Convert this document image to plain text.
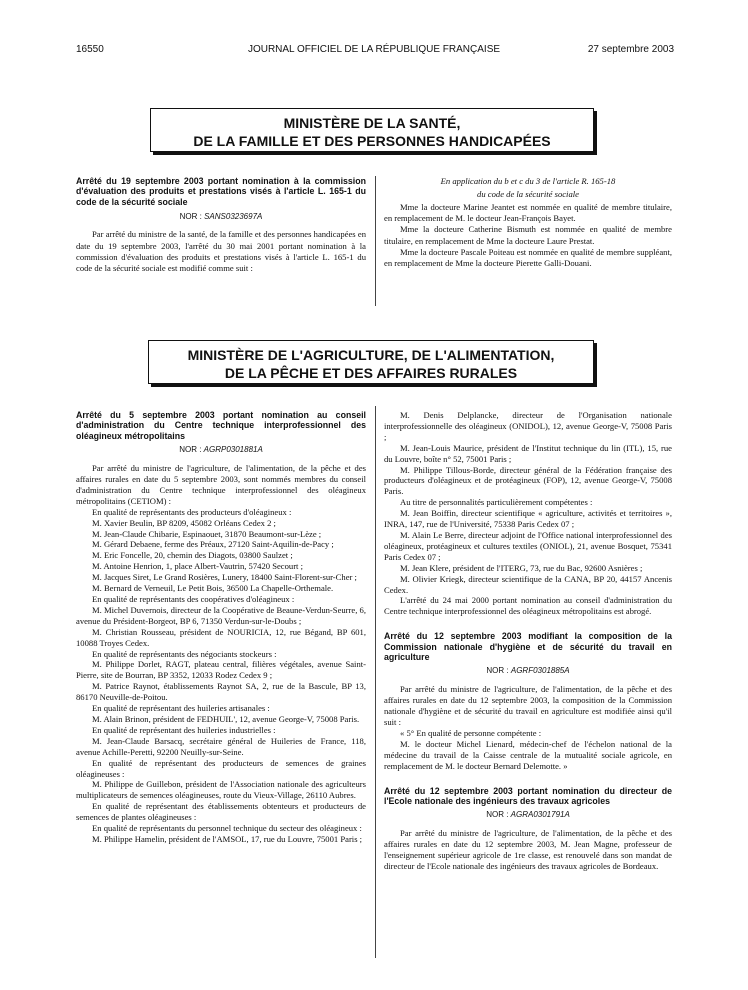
16550	JOURNAL OFFICIEL DE LA RÉPUBLIQUE FRANÇAISE	27 septembre 2003
MINISTÈRE DE LA SANTÉ,
DE LA FAMILLE ET DES PERSONNES HANDICAPÉES
Arrêté du 19 septembre 2003 portant nomination à la commission d'évaluation des produits et prestations visés à l'article L. 165-1 du code de la sécurité sociale
NOR : SANS0323697A

Par arrêté du ministre de la santé, de la famille et des personnes handicapées en date du 19 septembre 2003, l'arrêté du 30 mai 2001 portant nomination à la commission d'évaluation des produits et prestations visés à l'article L. 165-1 du code de la sécurité sociale est modifié comme suit :

En application du b et c du 3 de l'article R. 165-18
du code de la sécurité sociale

Mme la docteure Marine Jeantet est nommée en qualité de membre titulaire, en remplacement de M. le docteur Jean-François Bayet.

Mme la docteure Catherine Bismuth est nommée en qualité de membre titulaire, en remplacement de Mme la docteure Laure Prestat.

Mme la docteure Pascale Poiteau est nommée en qualité de membre suppléant, en remplacement de Mme la docteure Pierette Galli-Douani.

MINISTÈRE DE L'AGRICULTURE, DE L'ALIMENTATION,
DE LA PÊCHE ET DES AFFAIRES RURALES
Arrêté du 5 septembre 2003 portant nomination au conseil d'administration du Centre technique interprofessionnel des oléagineux métropolitains
NOR : AGRP0301881A

Par arrêté du ministre de l'agriculture, de l'alimentation, de la pêche et des affaires rurales en date du 5 septembre 2003, sont nommés membres du conseil d'administration du Centre technique interprofessionnel des oléagineux métropolitains (CETIOM) :

En qualité de représentants des producteurs d'oléagineux :

M. Xavier Beulin, BP 8209, 45082 Orléans Cedex 2 ;

M. Jean-Claude Chibarie, Espinaouet, 31870 Beaumont-sur-Lèze ;

M. Gérard Debaene, ferme des Préaux, 27120 Saint-Aquilin-de-Pacy ;

M. Eric Foncelle, 20, chemin des Diagots, 03800 Saulzet ;

M. Antoine Henrion, 1, place Albert-Vautrin, 57420 Secourt ;

M. Jacques Siret, Le Grand Rosières, Lunery, 18400 Saint-Florent-sur-Cher ;

M. Bernard de Verneuil, Le Petit Bois, 36500 La Chapelle-Orthemale.

En qualité de représentants des coopératives d'oléagineux :

M. Michel Duvernois, directeur de la Coopérative de Beaune-Verdun-Seurre, 6, avenue du Président-Borgeot, BP 6, 71350 Verdun-sur-le-Doubs ;

M. Christian Rousseau, président de NOURICIA, 12, rue Bégand, BP 601, 10088 Troyes Cedex.

En qualité de représentants des négociants stockeurs :

M. Philippe Dorlet, RAGT, plateau central, filières végétales, avenue Saint-Pierre, site de Bourran, BP 3352, 12033 Rodez Cedex 9 ;

M. Patrice Raynot, établissements Raynot SA, 2, rue de la Bascule, BP 13, 86170 Neuville-de-Poitou.

En qualité de représentant des huileries artisanales :

M. Alain Brinon, président de FEDHUIL', 12, avenue George-V, 75008 Paris.

En qualité de représentant des huileries industrielles :

M. Jean-Claude Barsacq, secrétaire général de Huileries de France, 118, avenue Achille-Peretti, 92200 Neuilly-sur-Seine.

En qualité de représentant des producteurs de semences de graines oléagineuses :

M. Philippe de Guillebon, président de l'Association nationale des agriculteurs multiplicateurs de semences oléagineuses, route du Vieux-Village, 26110 Aubres.

En qualité de représentant des établissements obtenteurs et producteurs de semences de plantes oléagineuses :

En qualité de représentants du personnel technique du secteur des oléagineux :

M. Philippe Hamelin, président de l'AMSOL, 17, rue du Louvre, 75001 Paris ;

M. Denis Delplancke, directeur de l'Organisation nationale interprofessionnelle des oléagineux (ONIDOL), 12, avenue George-V, 75008 Paris ;

M. Jean-Louis Maurice, président de l'Institut technique du lin (ITL), 15, rue du Louvre, boîte n° 52, 75001 Paris ;

M. Philippe Tillous-Borde, directeur général de la Fédération française des producteurs d'oléagineux et de protéagineux (FOP), 12, avenue George-V, 75008 Paris.

Au titre de personnalités particulièrement compétentes :

M. Jean Boiffin, directeur scientifique « agriculture, activités et territoires », INRA, 147, rue de l'Université, 75338 Paris Cedex 07 ;

M. Alain Le Berre, directeur adjoint de l'Office national interprofessionnel des oléagineux, protéagineux et cultures textiles (ONIOL), 21, avenue Bosquet, 75341 Paris Cedex 07 ;

M. Jean Klere, président de l'ITERG, 73, rue du Bac, 92600 Asnières ;

M. Olivier Kriegk, directeur scientifique de la CANA, BP 20, 44157 Ancenis Cedex.

L'arrêté du 24 mai 2000 portant nomination au conseil d'administration du Centre technique interprofessionnel des oléagineux métropolitains est abrogé.

Arrêté du 12 septembre 2003 modifiant la composition de la Commission nationale d'hygiène et de sécurité du travail en agriculture
NOR : AGRF0301885A

Par arrêté du ministre de l'agriculture, de l'alimentation, de la pêche et des affaires rurales en date du 12 septembre 2003, la composition de la Commission nationale d'hygiène et de sécurité du travail en agriculture est modifiée ainsi qu'il suit :

« 5° En qualité de personne compétente :

M. le docteur Michel Lienard, médecin-chef de l'échelon national de la médecine du travail de la Caisse centrale de la mutualité sociale agricole, en remplacement de M. le docteur Bernard Delemotte. »

Arrêté du 12 septembre 2003 portant nomination du directeur de l'Ecole nationale des ingénieurs des travaux agricoles
NOR : AGRA0301791A

Par arrêté du ministre de l'agriculture, de l'alimentation, de la pêche et des affaires rurales en date du 12 septembre 2003, M. Jean Magne, professeur de l'enseignement supérieur agricole de 1re classe, est renouvelé dans son mandat de directeur de l'Ecole nationale des ingénieurs des travaux agricoles de Bordeaux.
